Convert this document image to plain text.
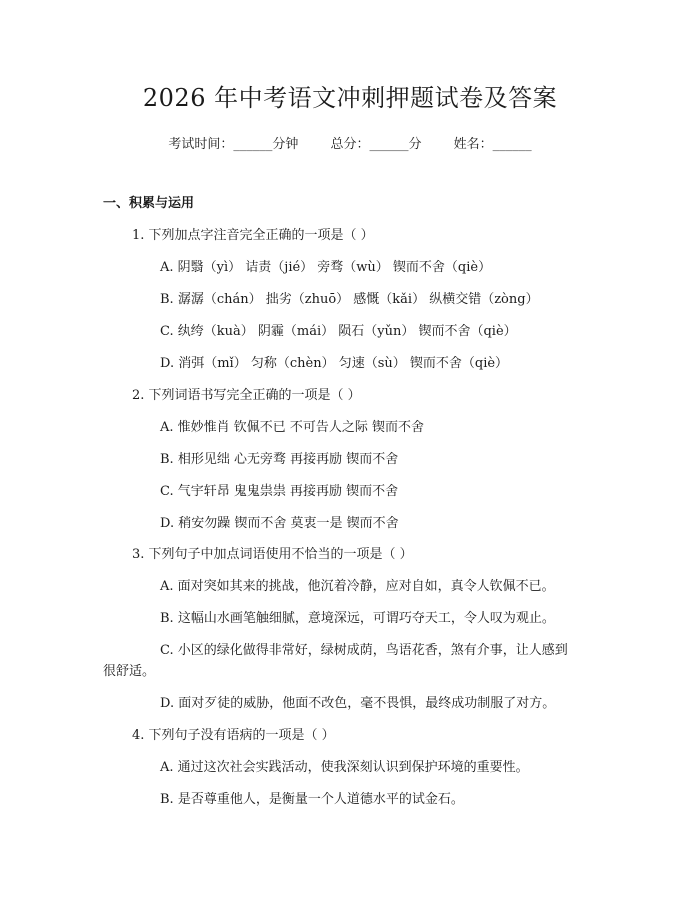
2026 年中考语文冲刺押题试卷及答案
考试时间：______分钟 总分：______分 姓名：______
一、积累与运用
1. 下列加点字注音完全正确的一项是（ ）
A. 阴翳（yì） 诘责（jié） 旁骛（wù） 锲而不舍（qiè）
B. 潺潺（chán） 拙劣（zhuō） 感慨（kǎi） 纵横交错（zòng）
C. 纨绔（kuà） 阴霾（mái） 陨石（yǔn） 锲而不舍（qiè）
D. 消弭（mǐ） 匀称（chèn） 匀速（sù） 锲而不舍（qiè）
2. 下列词语书写完全正确的一项是（ ）
A. 惟妙惟肖 钦佩不已 不可告人之际 锲而不舍
B. 相形见绌 心无旁骛 再接再励 锲而不舍
C. 气宇轩昂 鬼鬼祟祟 再接再励 锲而不舍
D. 稍安勿躁 锲而不舍 莫衷一是 锲而不舍
3. 下列句子中加点词语使用不恰当的一项是（ ）
A. 面对突如其来的挑战，他沉着冷静，应对自如，真令人钦佩不已。
B. 这幅山水画笔触细腻，意境深远，可谓巧夺天工，令人叹为观止。
C. 小区的绿化做得非常好，绿树成荫，鸟语花香，煞有介事，让人感到
很舒适。
D. 面对歹徒的威胁，他面不改色，毫不畏惧，最终成功制服了对方。
4. 下列句子没有语病的一项是（ ）
A. 通过这次社会实践活动，使我深刻认识到保护环境的重要性。
B. 是否尊重他人，是衡量一个人道德水平的试金石。
